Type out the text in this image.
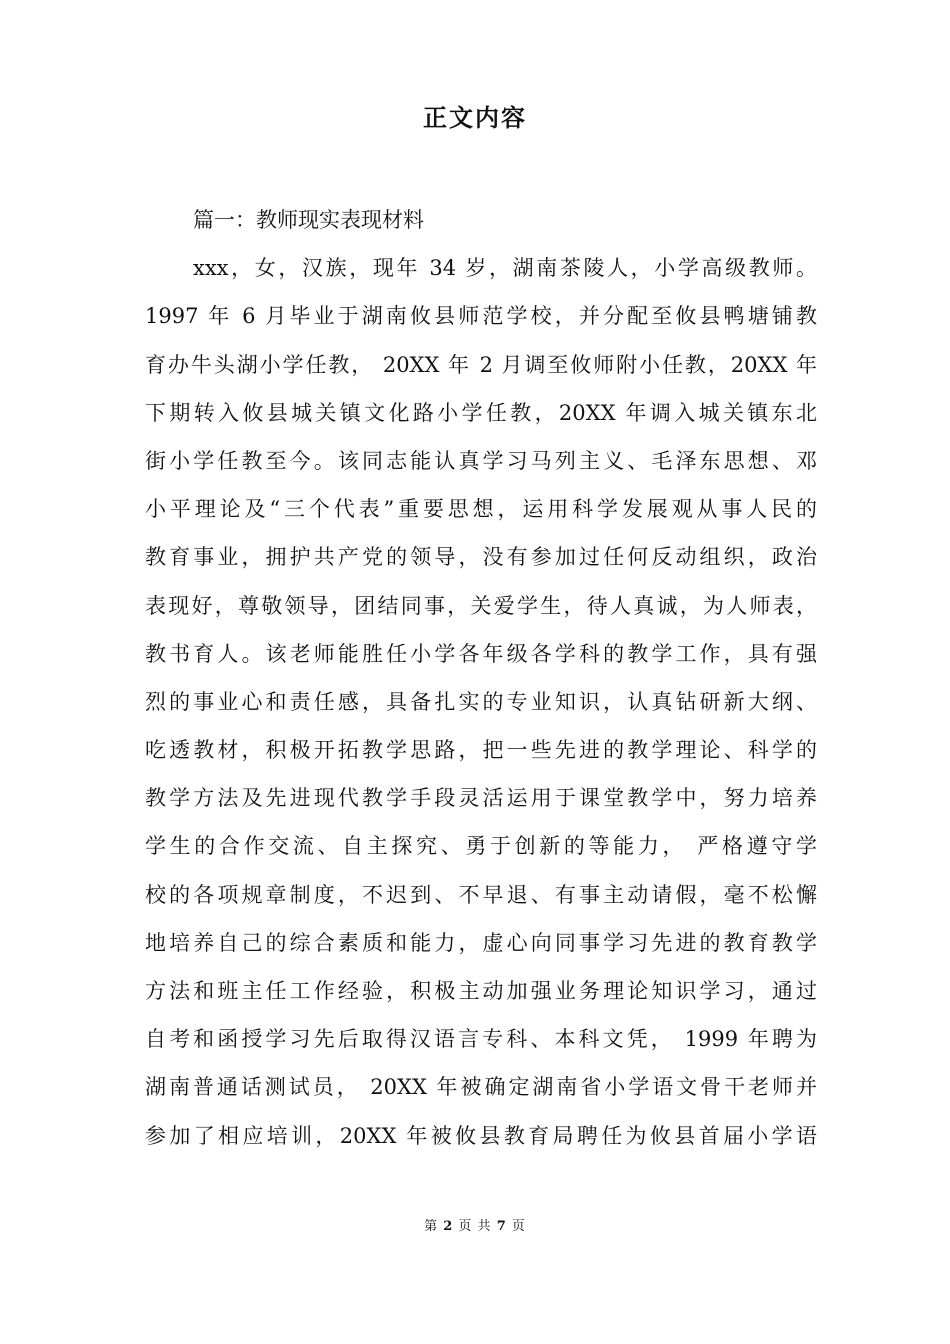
正文内容
篇一：教师现实表现材料
xxx，女，汉族，现年 34 岁，湖南茶陵人，小学高级教师。
1997 年 6 月毕业于湖南攸县师范学校，并分配至攸县鸭塘铺教
育办牛头湖小学任教， 20XX 年 2 月调至攸师附小任教，20XX 年
下期转入攸县城关镇文化路小学任教，20XX 年调入城关镇东北
街小学任教至今。该同志能认真学习马列主义、毛泽东思想、邓
小平理论及“三个代表”重要思想，运用科学发展观从事人民的
教育事业，拥护共产党的领导，没有参加过任何反动组织，政治
表现好，尊敬领导，团结同事，关爱学生，待人真诚，为人师表，
教书育人。该老师能胜任小学各年级各学科的教学工作，具有强
烈的事业心和责任感，具备扎实的专业知识，认真钻研新大纲、
吃透教材，积极开拓教学思路，把一些先进的教学理论、科学的
教学方法及先进现代教学手段灵活运用于课堂教学中，努力培养
学生的合作交流、自主探究、勇于创新的等能力， 严格遵守学
校的各项规章制度，不迟到、不早退、有事主动请假，毫不松懈
地培养自己的综合素质和能力，虚心向同事学习先进的教育教学
方法和班主任工作经验，积极主动加强业务理论知识学习，通过
自考和函授学习先后取得汉语言专科、本科文凭， 1999 年聘为
湖南普通话测试员， 20XX 年被确定湖南省小学语文骨干老师并
参加了相应培训，20XX 年被攸县教育局聘任为攸县首届小学语
第 2 页 共 7 页
